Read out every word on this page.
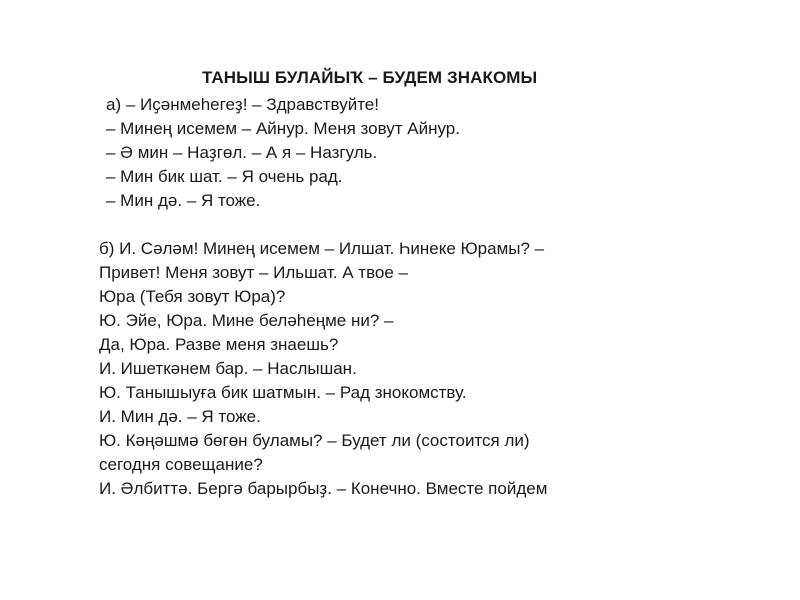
ТАНЫШ БУЛАЙЫҠ – БУДЕМ ЗНАКОМЫ

а) – Иҫәнмеһегеҙ! – Здравствуйте!

– Минең исемем – Айнур. Меня зовут Айнур.

– Ә мин – Наҙгөл. – А я – Назгуль.

– Мин бик шат. – Я очень рад.

– Мин дә. – Я тоже.

б) И. Сәләм! Минең исемем – Илшат. Һинеке Юрамы? –

Привет! Меня зовут – Ильшат. А твое –

Юра (Тебя зовут Юра)?

Ю. Эйе, Юра. Мине беләһеңме ни? –

Да, Юра. Разве меня знаешь?

И. Ишеткәнем бар. – Наслышан.

Ю. Танышыуға бик шатмын. – Рад знокомству.

И. Мин дә. – Я тоже.

Ю. Кәңәшмә бөгөн буламы? – Будет ли (состоится ли)

сегодня совещание?

И. Әлбиттә. Бергә барырбыҙ. – Конечно. Вместе пойдем
